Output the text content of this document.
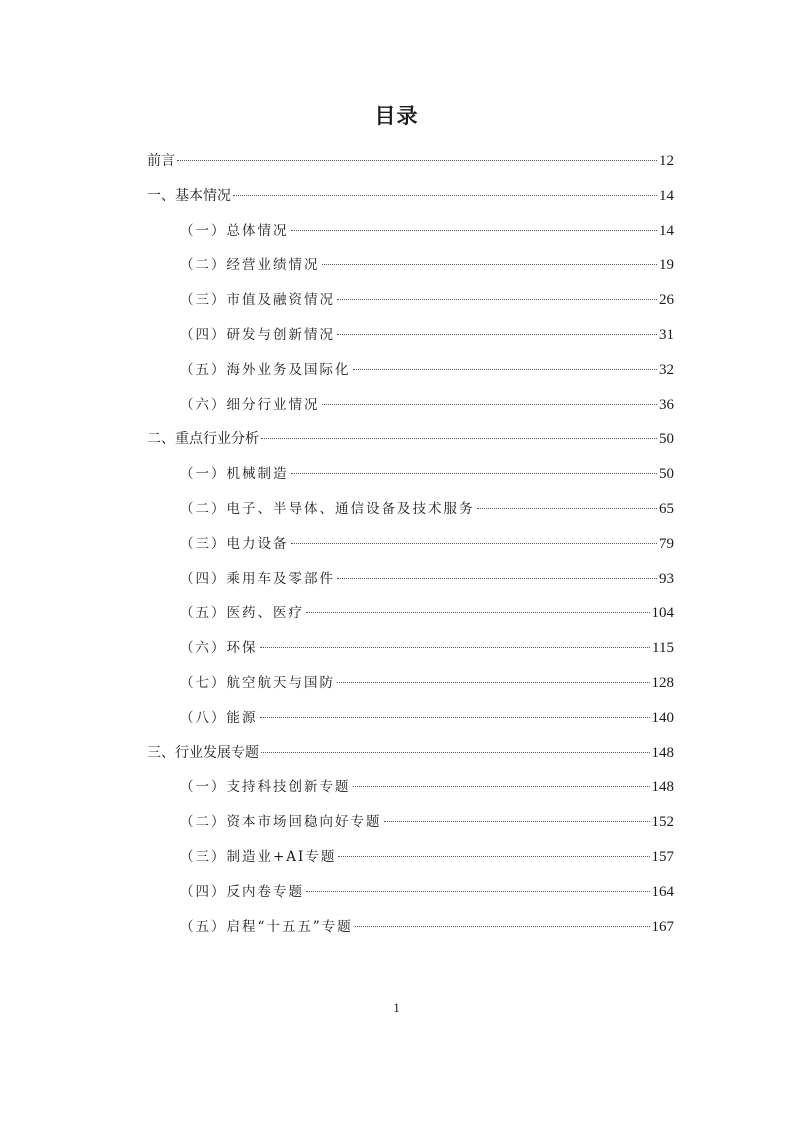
目录
前言	12
一、基本情况	14
（一）总体情况	14
（二）经营业绩情况	19
（三）市值及融资情况	26
（四）研发与创新情况	31
（五）海外业务及国际化	32
（六）细分行业情况	36
二、重点行业分析	50
（一）机械制造	50
（二）电子、半导体、通信设备及技术服务	65
（三）电力设备	79
（四）乘用车及零部件	93
（五）医药、医疗	104
（六）环保	115
（七）航空航天与国防	128
（八）能源	140
三、行业发展专题	148
（一）支持科技创新专题	148
（二）资本市场回稳向好专题	152
（三）制造业+AI专题	157
（四）反内卷专题	164
（五）启程“十五五”专题	167
1
